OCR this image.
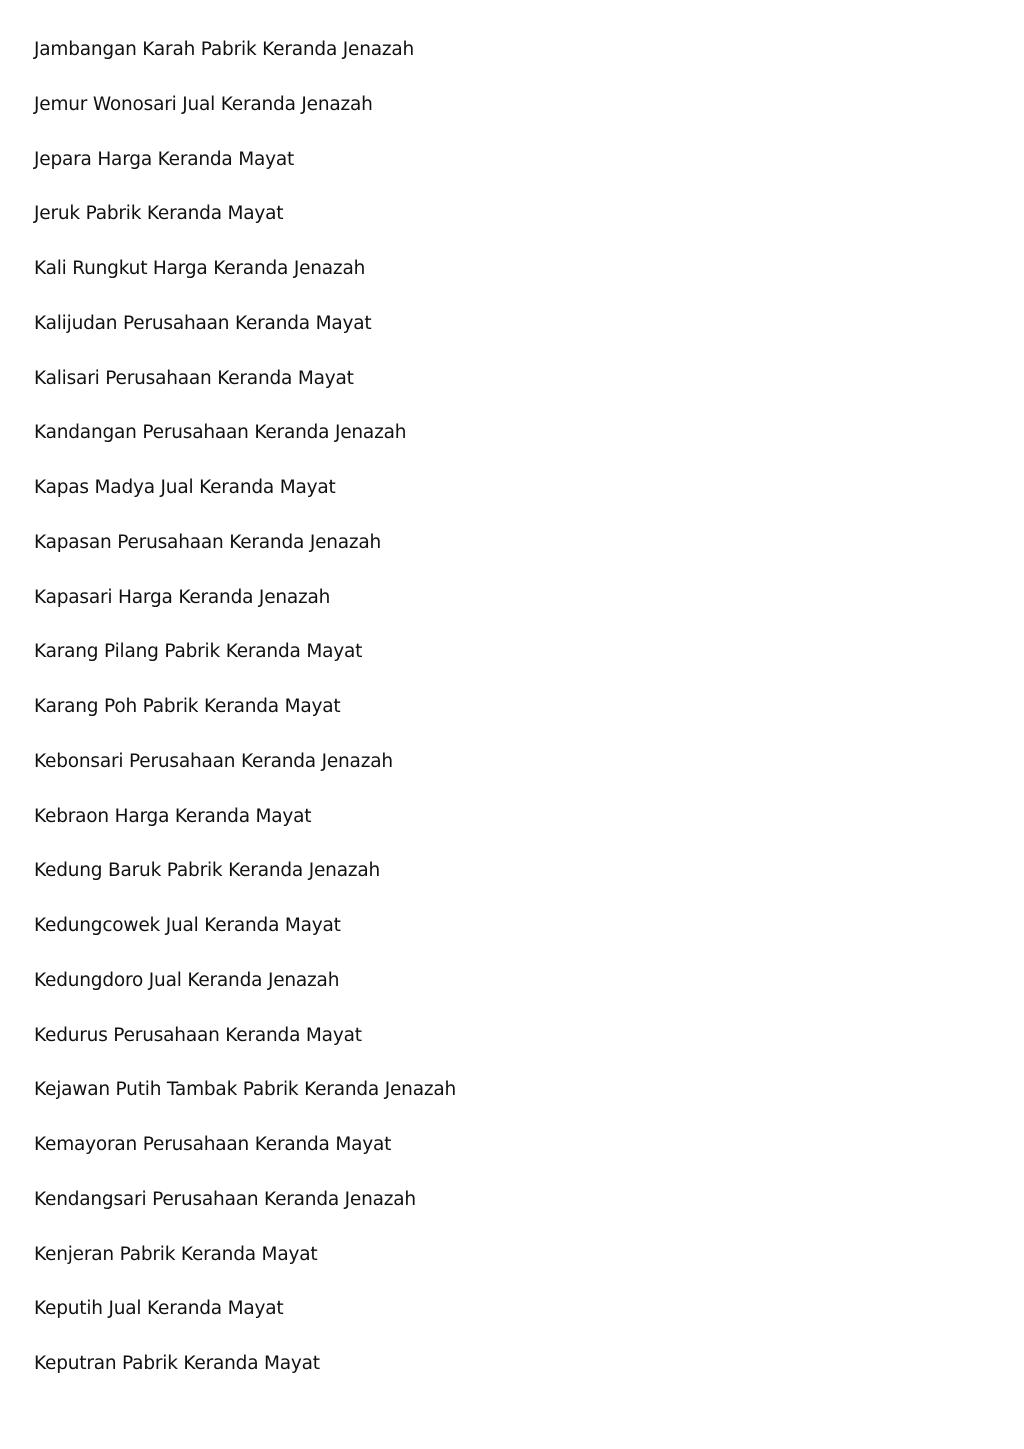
Jambangan Karah Pabrik Keranda Jenazah
Jemur Wonosari Jual Keranda Jenazah
Jepara Harga Keranda Mayat
Jeruk Pabrik Keranda Mayat
Kali Rungkut Harga Keranda Jenazah
Kalijudan Perusahaan Keranda Mayat
Kalisari Perusahaan Keranda Mayat
Kandangan Perusahaan Keranda Jenazah
Kapas Madya Jual Keranda Mayat
Kapasan Perusahaan Keranda Jenazah
Kapasari Harga Keranda Jenazah
Karang Pilang Pabrik Keranda Mayat
Karang Poh Pabrik Keranda Mayat
Kebonsari Perusahaan Keranda Jenazah
Kebraon Harga Keranda Mayat
Kedung Baruk Pabrik Keranda Jenazah
Kedungcowek Jual Keranda Mayat
Kedungdoro Jual Keranda Jenazah
Kedurus Perusahaan Keranda Mayat
Kejawan Putih Tambak Pabrik Keranda Jenazah
Kemayoran Perusahaan Keranda Mayat
Kendangsari Perusahaan Keranda Jenazah
Kenjeran Pabrik Keranda Mayat
Keputih Jual Keranda Mayat
Keputran Pabrik Keranda Mayat
